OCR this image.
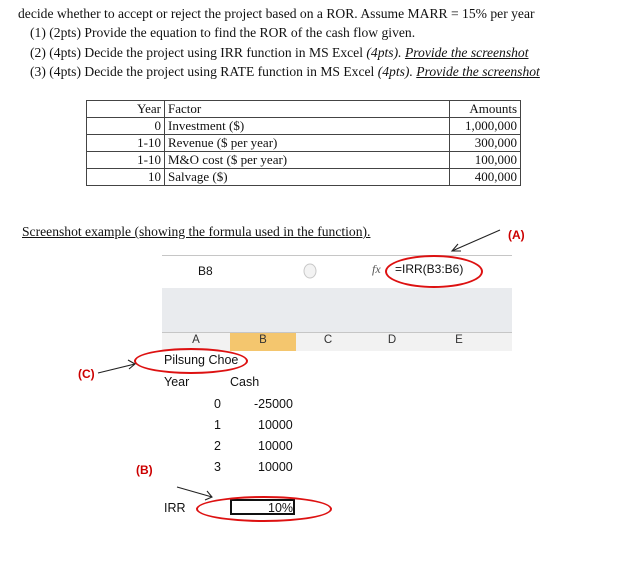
decide whether to accept or reject the project based on a ROR. Assume MARR = 15% per year
(1) (2pts) Provide the equation to find the ROR of the cash flow given.
(2) (4pts) Decide the project using IRR function in MS Excel (4pts). Provide the screenshot
(3) (4pts) Decide the project using RATE function in MS Excel (4pts). Provide the screenshot
Year	Factor	Amounts
0	Investment ($)	1,000,000
1-10	Revenue ($ per year)	300,000
1-10	M&O cost ($ per year)	100,000
10	Salvage ($)	400,000
Screenshot example (showing the formula used in the function).	(A)
(C)
(B)
B8	fx =IRR(B3:B6)
A	B	C	D	E
Pilsung Choe
Year	Cash
0	-25000
1	10000
2	10000
3	10000
IRR	10%
